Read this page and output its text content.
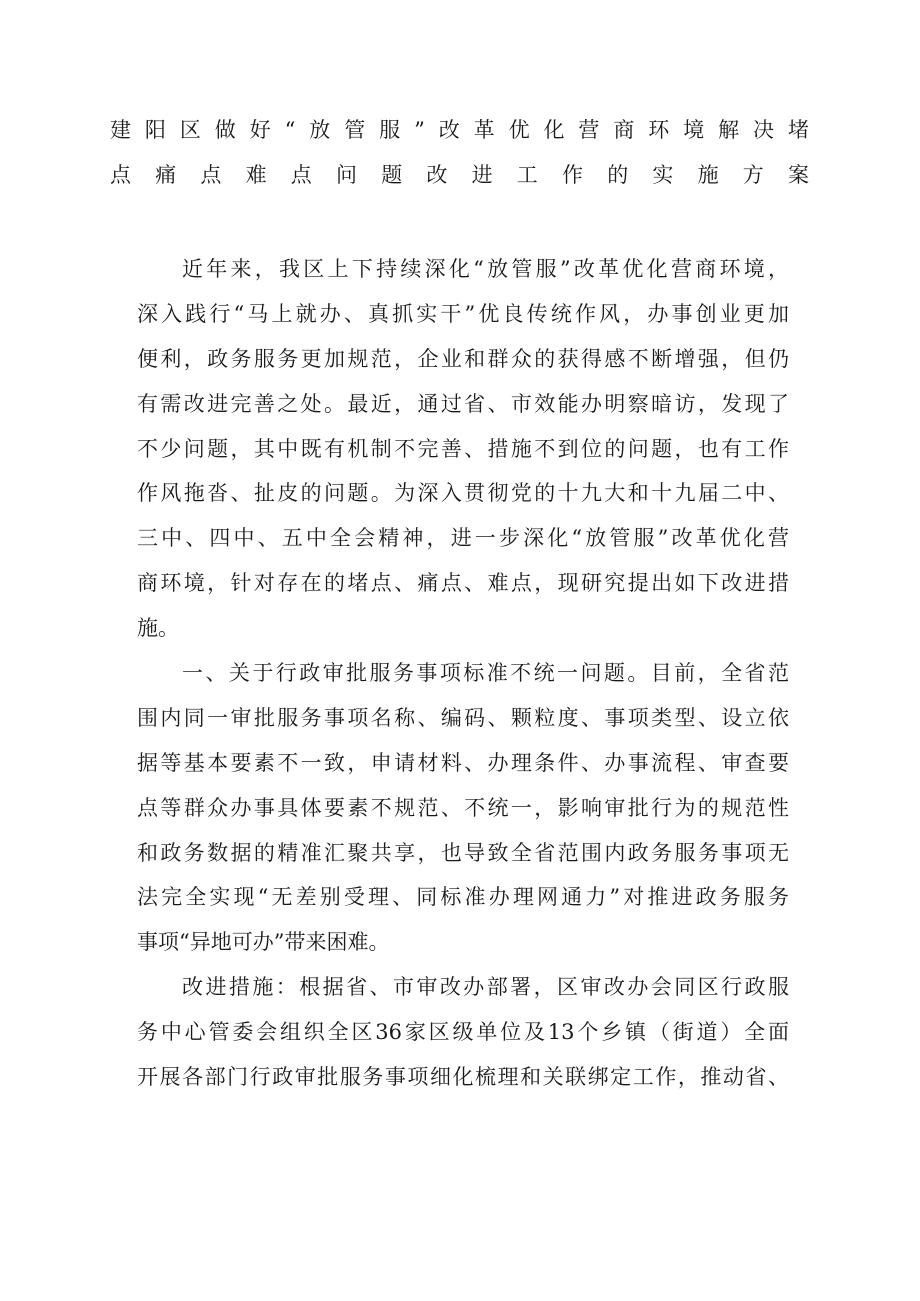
建阳区做好“放管服”改革优化营商环境解决堵
点痛点难点问题改进工作的实施方案
近年来，我区上下持续深化“放管服”改革优化营商环境，
深入践行“马上就办、真抓实干”优良传统作风，办事创业更加
便利，政务服务更加规范，企业和群众的获得感不断增强，但仍
有需改进完善之处。最近，通过省、市效能办明察暗访，发现了
不少问题，其中既有机制不完善、措施不到位的问题，也有工作
作风拖沓、扯皮的问题。为深入贯彻党的十九大和十九届二中、
三中、四中、五中全会精神，进一步深化“放管服”改革优化营
商环境，针对存在的堵点、痛点、难点，现研究提出如下改进措
施。
一、关于行政审批服务事项标准不统一问题。目前，全省范
围内同一审批服务事项名称、编码、颗粒度、事项类型、设立依
据等基本要素不一致，申请材料、办理条件、办事流程、审查要
点等群众办事具体要素不规范、不统一，影响审批行为的规范性
和政务数据的精准汇聚共享，也导致全省范围内政务服务事项无
法完全实现“无差别受理、同标准办理网通力”对推进政务服务
事项“异地可办”带来困难。
改进措施：根据省、市审改办部署，区审改办会同区行政服
务中心管委会组织全区36家区级单位及13个乡镇（街道）全面
开展各部门行政审批服务事项细化梳理和关联绑定工作，推动省、
